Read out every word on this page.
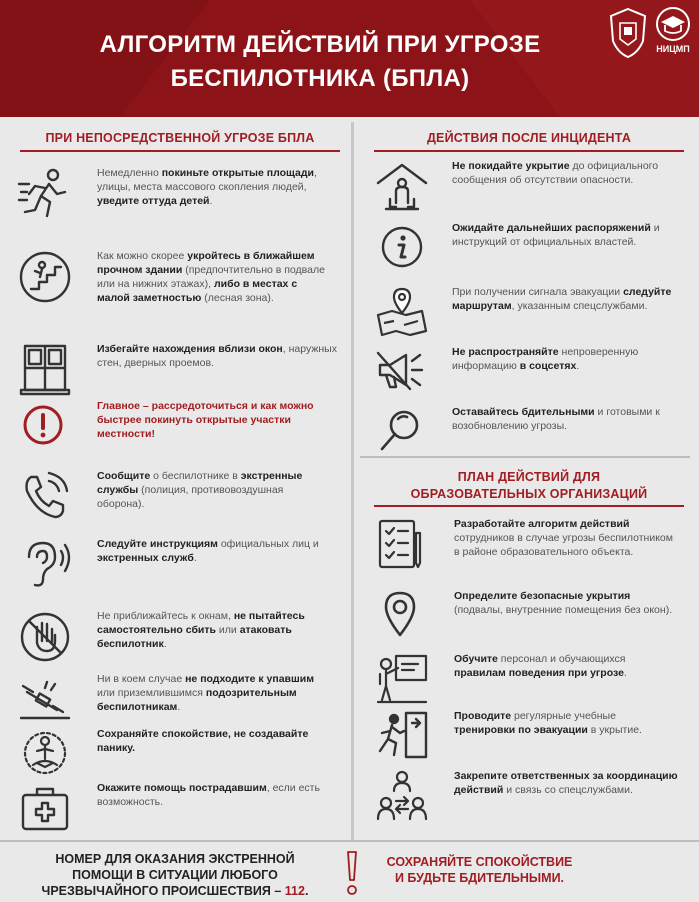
АЛГОРИТМ ДЕЙСТВИЙ ПРИ УГРОЗЕ
БЕСПИЛОТНИКА (БПЛА)
НИЦМП
ПРИ НЕПОСРЕДСТВЕННОЙ УГРОЗЕ БПЛА
Немедленно покиньте открытые площади, улицы, места массового скопления людей, уведите оттуда детей.
Как можно скорее укройтесь в ближайшем прочном здании (предпочтительно в подвале или на нижних этажах), либо в местах с малой заметностью (лесная зона).
Избегайте нахождения вблизи окон, наружных стен, дверных проемов.
Главное – рассредоточиться и как можно быстрее покинуть открытые участки местности!
Сообщите о беспилотнике в экстренные службы (полиция, противовоздушная оборона).
Следуйте инструкциям официальных лиц и экстренных служб.
Не приближайтесь к окнам, не пытайтесь самостоятельно сбить или атаковать беспилотник.
Ни в коем случае не подходите к упавшим или приземлившимся подозрительным беспилотникам.
Сохраняйте спокойствие, не создавайте панику.
Окажите помощь пострадавшим, если есть возможность.
ДЕЙСТВИЯ ПОСЛЕ ИНЦИДЕНТА
Не покидайте укрытие до официального сообщения об отсутствии опасности.
Ожидайте дальнейших распоряжений и инструкций от официальных властей.
При получении сигнала эвакуации следуйте маршрутам, указанным спецслужбами.
Не распространяйте непроверенную информацию в соцсетях.
Оставайтесь бдительными и готовыми к возобновлению угрозы.
ПЛАН ДЕЙСТВИЙ ДЛЯ
ОБРАЗОВАТЕЛЬНЫХ ОРГАНИЗАЦИЙ
Разработайте алгоритм действий сотрудников в случае угрозы беспилотником в районе образовательного объекта.
Определите безопасные укрытия (подвалы, внутренние помещения без окон).
Обучите персонал и обучающихся правилам поведения при угрозе.
Проводите регулярные учебные тренировки по эвакуации в укрытие.
Закрепите ответственных за координацию действий и связь со спецслужбами.
НОМЕР ДЛЯ ОКАЗАНИЯ ЭКСТРЕННОЙ
ПОМОЩИ В СИТУАЦИИ ЛЮБОГО
ЧРЕЗВЫЧАЙНОГО ПРОИСШЕСТВИЯ – 112.
СОХРАНЯЙТЕ СПОКОЙСТВИЕ
И БУДЬТЕ БДИТЕЛЬНЫМИ.
